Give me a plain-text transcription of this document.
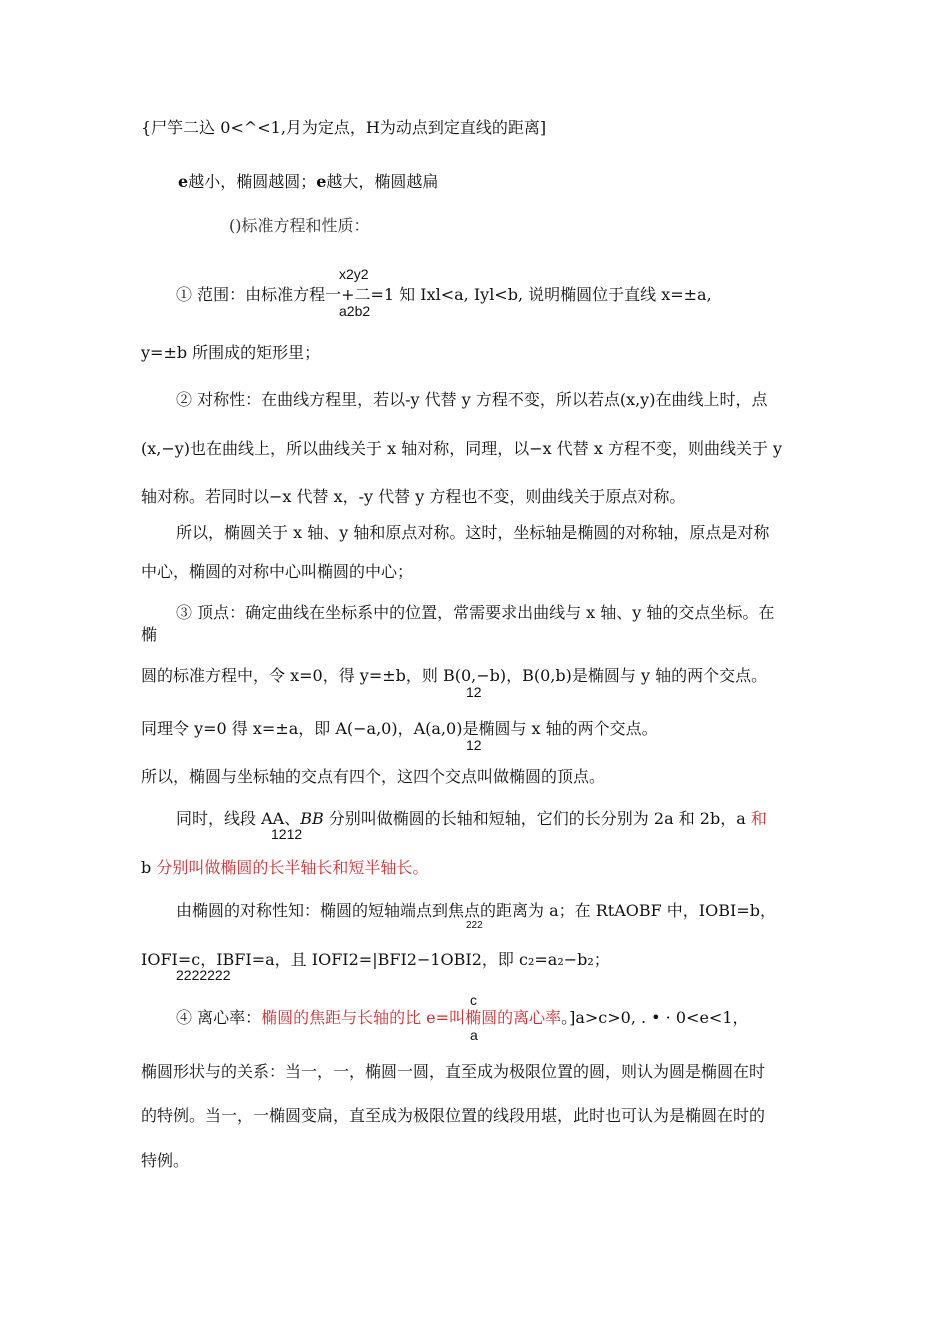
{尸竽二込 0<^<1,月为定点，H为动点到定直线的距离]
e越小，椭圆越圆；e越大，椭圆越扁
()标准方程和性质：
x2y2
① 范围：由标准方程一+二=1 知 Ixl<a, Iyl<b, 说明椭圆位于直线 x=±a,
a2b2
y=±b 所围成的矩形里；
② 对称性：在曲线方程里，若以-y 代替 y 方程不变，所以若点(x,y)在曲线上时，点
(x,−y)也在曲线上，所以曲线关于 x 轴对称，同理，以−x 代替 x 方程不变，则曲线关于 y
轴对称。若同时以−x 代替 x，-y 代替 y 方程也不变，则曲线关于原点对称。
所以，椭圆关于 x 轴、y 轴和原点对称。这时，坐标轴是椭圆的对称轴，原点是对称
中心，椭圆的对称中心叫椭圆的中心；
③ 顶点：确定曲线在坐标系中的位置，常需要求出曲线与 x 轴、y 轴的交点坐标。在
椭
圆的标准方程中，令 x=0，得 y=±b，则 B(0,−b)，B(0,b)是椭圆与 y 轴的两个交点。
12
同理令 y=0 得 x=±a，即 A(−a,0)，A(a,0)是椭圆与 x 轴的两个交点。
12
所以，椭圆与坐标轴的交点有四个，这四个交点叫做椭圆的顶点。
同时，线段 AA、BB 分别叫做椭圆的长轴和短轴，它们的长分别为 2a 和 2b，a 和
1212
b 分别叫做椭圆的长半轴长和短半轴长。
由椭圆的对称性知：椭圆的短轴端点到焦点的距离为 a；在 RtAOBF 中，IOBI=b，
222
IOFI=c，IBFI=a，且 IOFI2=|BFI2−1OBI2，即 c₂=a₂−b₂；
2222222
c
④ 离心率：椭圆的焦距与长轴的比 e=叫椭圆的离心率。]a>c>0, . • · 0<e<1，
a
椭圆形状与的关系：当一，一，椭圆一圆，直至成为极限位置的圆，则认为圆是椭圆在时
的特例。当一，一椭圆变扁，直至成为极限位置的线段用堪，此时也可认为是椭圆在时的
特例。
